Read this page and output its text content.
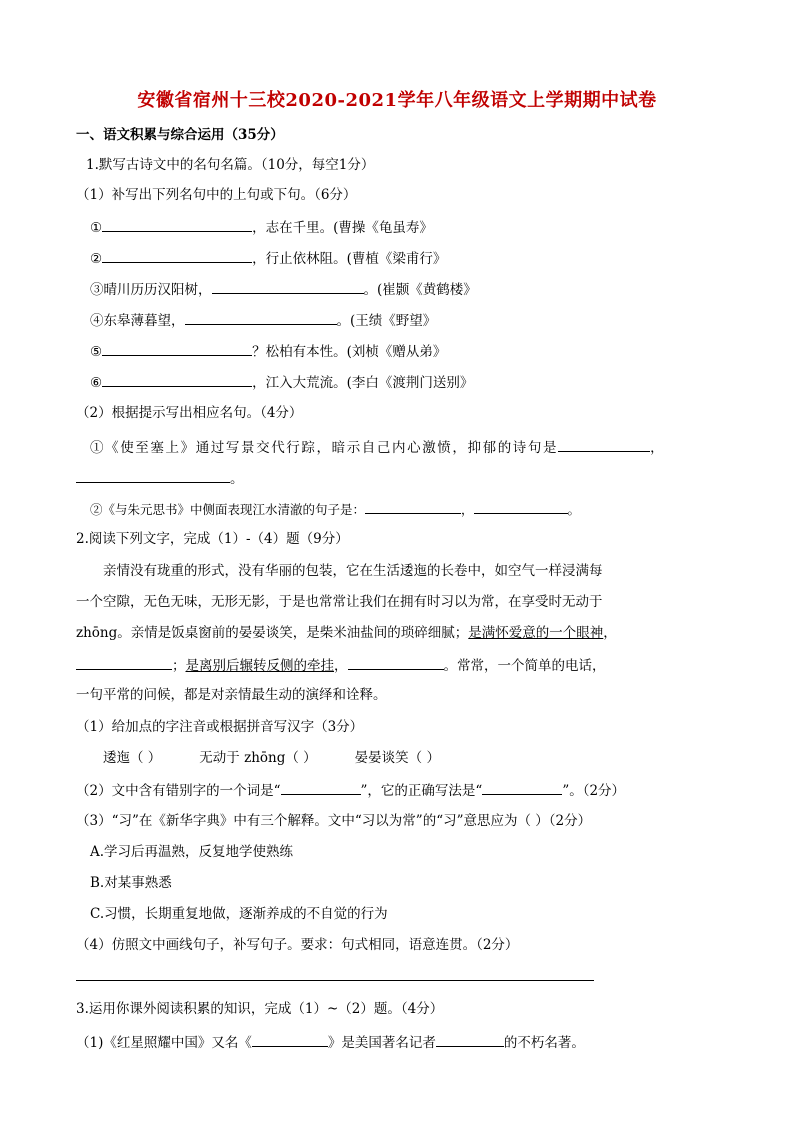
安徽省宿州十三校2020-2021学年八年级语文上学期期中试卷
一、语文积累与综合运用（35分）
1.默写古诗文中的名句名篇。（10分，每空1分）
（1）补写出下列名句中的上句或下句。（6分）
①	，志在千里。(曹操《龟虽寿》
②	，行止依林阻。(曹植《梁甫行》
③晴川历历汉阳树，	。(崔颢《黄鹤楼》
④东皋薄暮望，	。(王绩《野望》
⑤	？松柏有本性。(刘桢《赠从弟》
⑥	，江入大荒流。(李白《渡荆门送别》
（2）根据提示写出相应名句。（4分）
①《使至塞上》通过写景交代行踪，暗示自己内心激愤，抑郁的诗句是	，
。
②《与朱元思书》中侧面表现江水清澈的句子是：	，	。
2.阅读下列文字，完成（1）-（4）题（9分）
亲情没有珑重的形式，没有华丽的包装，它在生活逶迤的长卷中，如空气一样浸满每
一个空隙，无色无味，无形无影，于是也常常让我们在拥有时习以为常，在享受时无动于
zhōng。亲情是饭桌窗前的晏晏谈笑，是柴米油盐间的琐碎细腻；是满怀爱意的一个眼神，
；是离别后辗转反侧的牵挂，	。常常，一个简单的电话，
一句平常的问候，都是对亲情最生动的演绎和诠释。
（1）给加点的字注音或根据拼音写汉字（3分）
逶迤（ ）	无动于 zhōng（ ）	晏晏谈笑（ ）
（2）文中含有错别字的一个词是“	”，它的正确写法是“	”。（2分）
（3）“习”在《新华字典》中有三个解释。文中“习以为常”的“习”意思应为（ ）（2分）
A.学习后再温熟，反复地学使熟练
B.对某事熟悉
C.习惯，长期重复地做，逐渐养成的不自觉的行为
（4）仿照文中画线句子，补写句子。要求：句式相同，语意连贯。（2分）
3.运用你课外阅读积累的知识，完成（1）~（2）题。（4分）
（1)《红星照耀中国》又名《	》是美国著名记者	的不朽名著。
